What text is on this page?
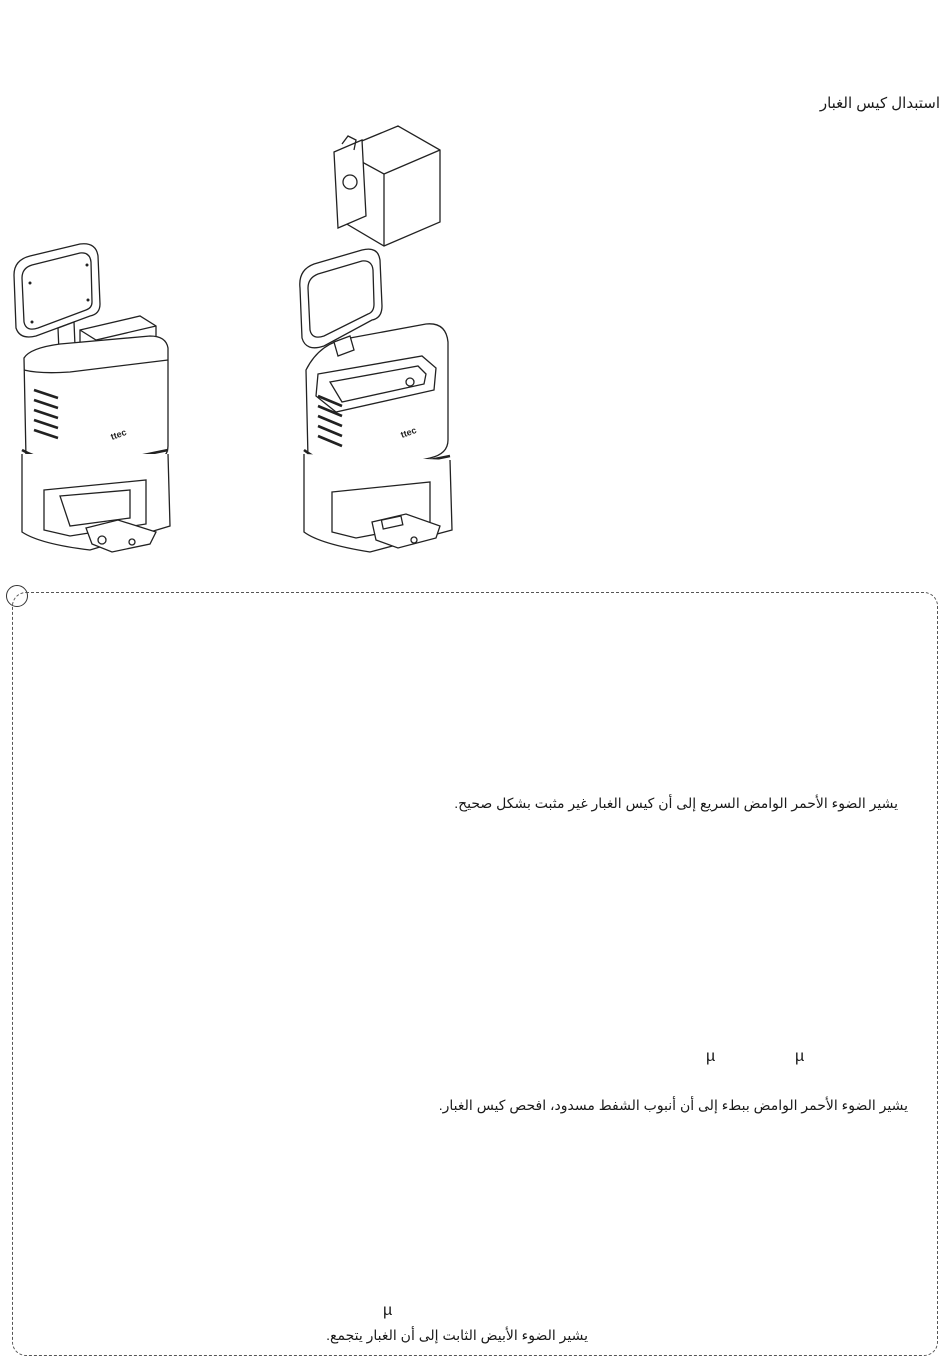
استبدال كيس الغبار
ttec	ttec
يشير الضوء الأحمر الوامض السريع إلى أن كيس الغبار غير مثبت بشكل صحيح.
µ	µ
يشير الضوء الأحمر الوامض ببطء إلى أن أنبوب الشفط مسدود، افحص كيس الغبار.
µ
يشير الضوء الأبيض الثابت إلى أن الغبار يتجمع.
